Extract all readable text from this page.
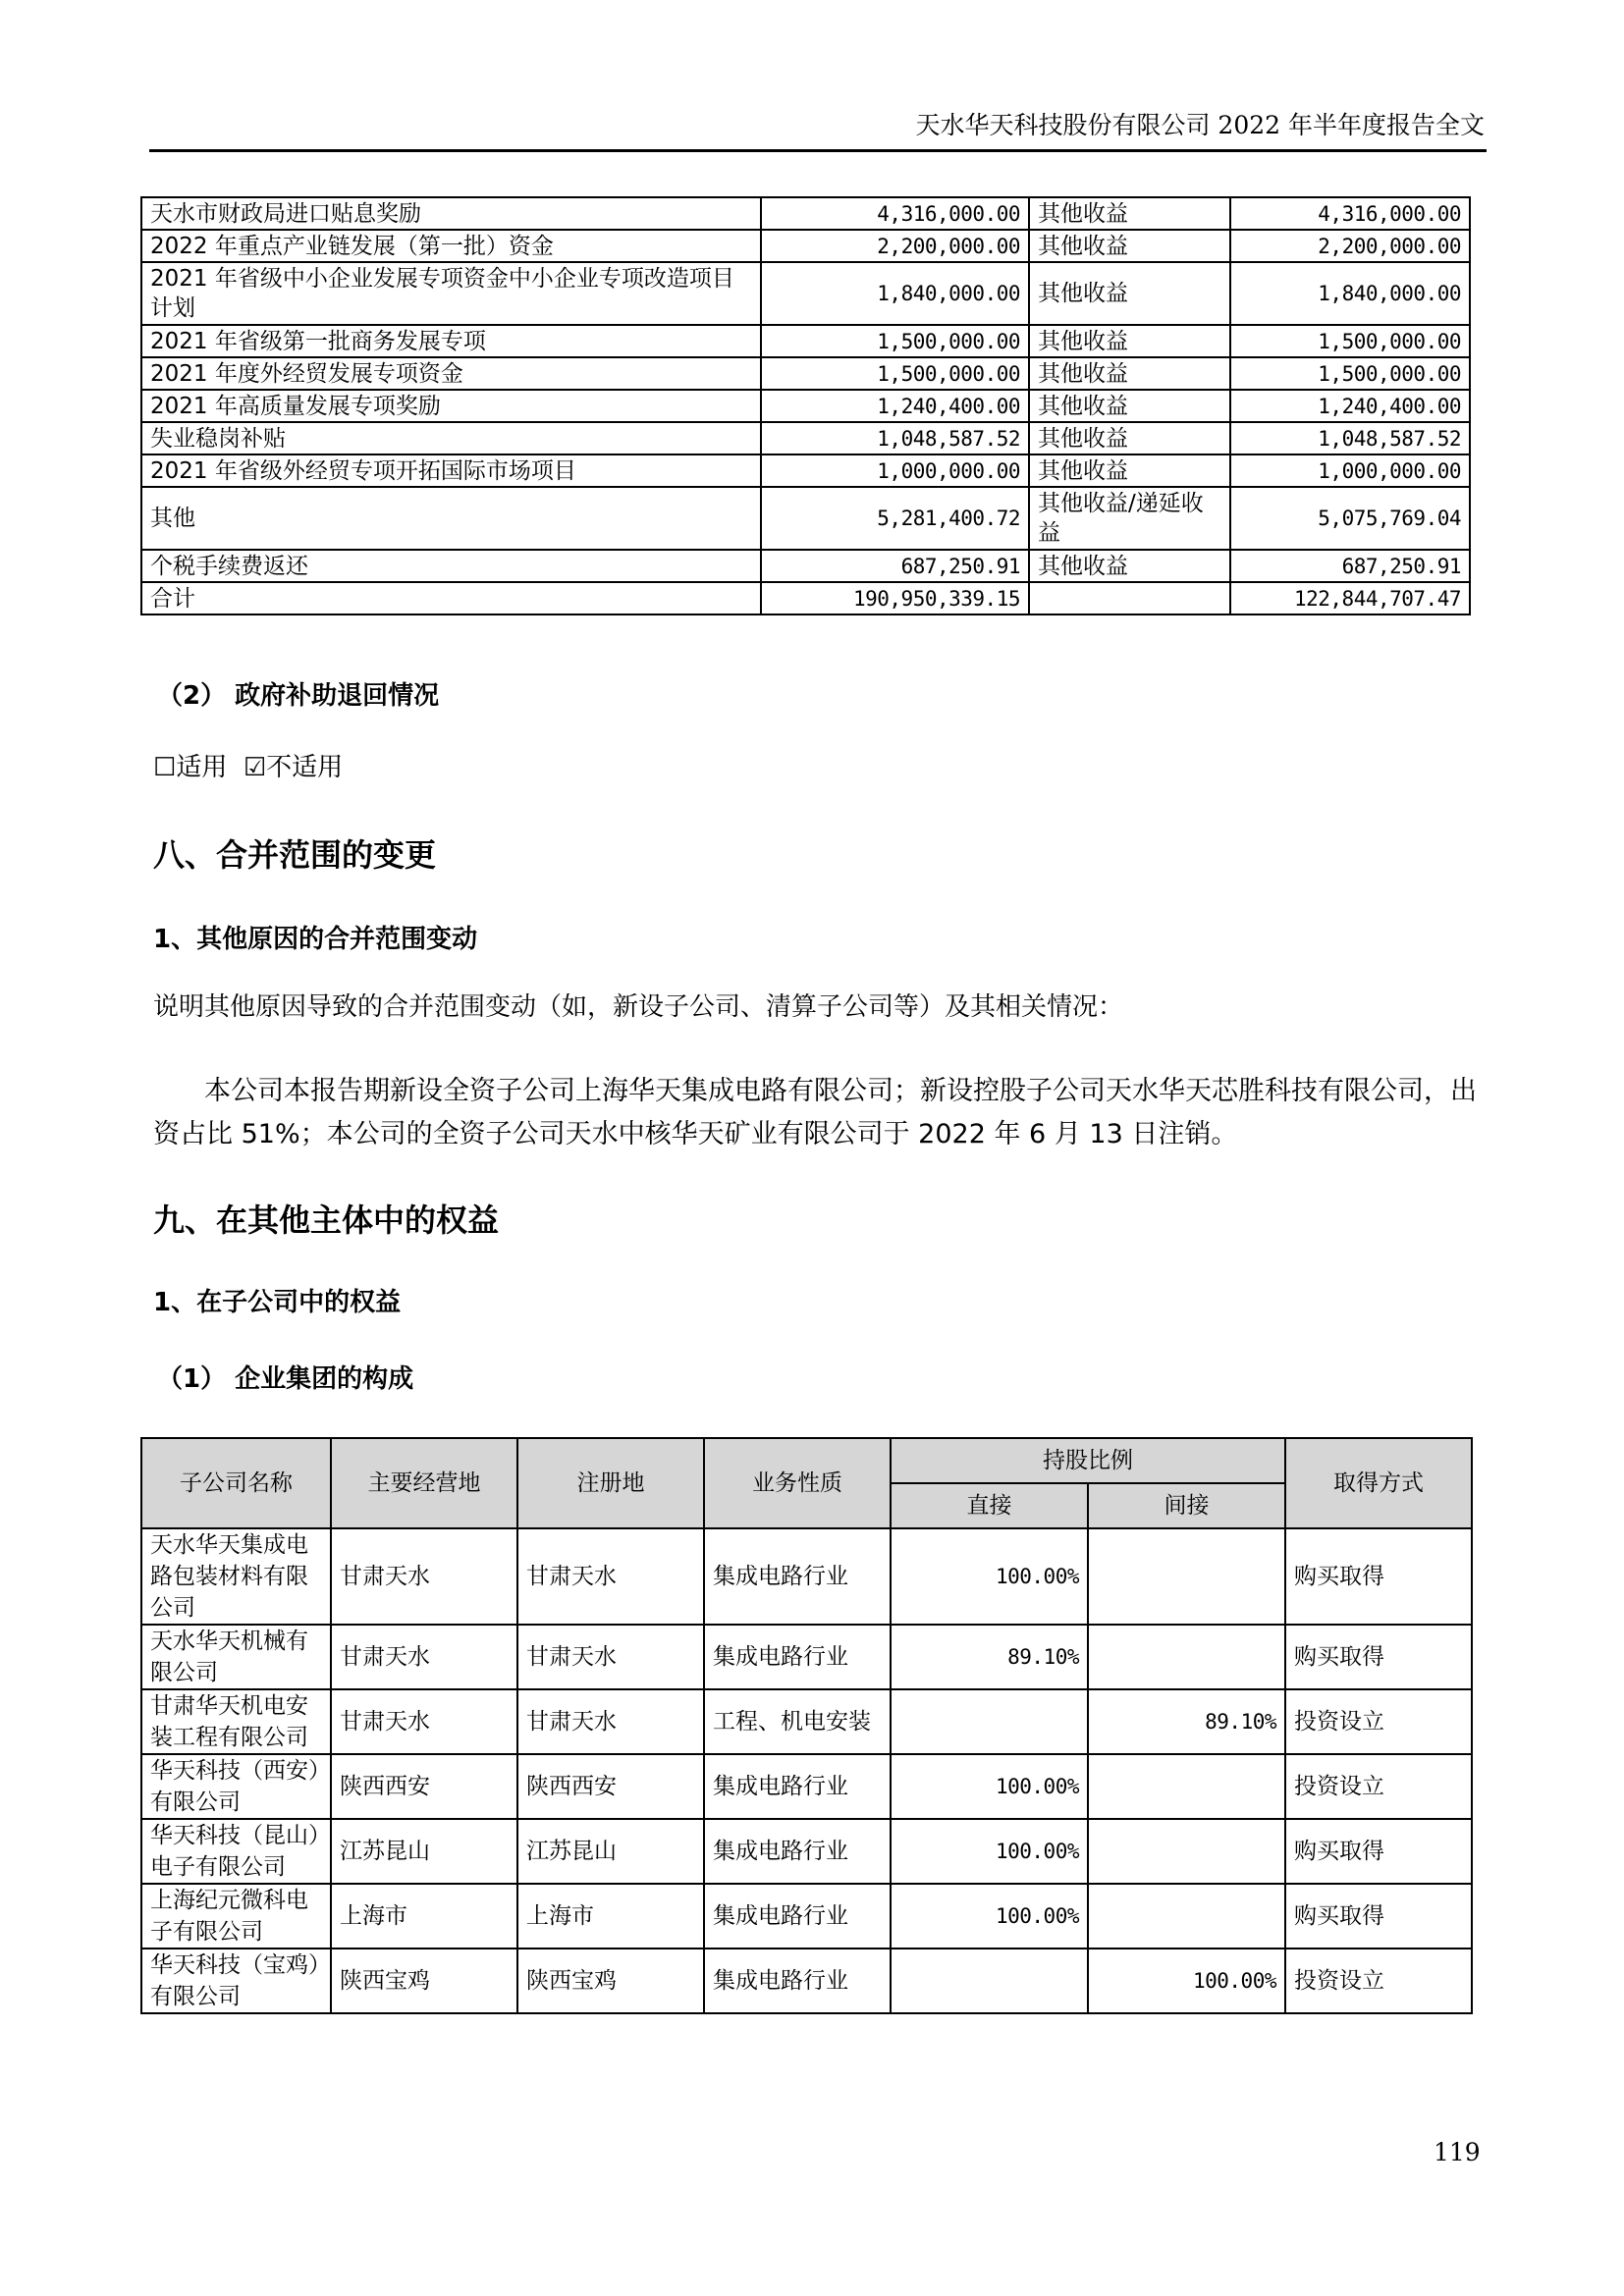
天水华天科技股份有限公司 2022 年半年度报告全文
天水市财政局进口贴息奖励	4,316,000.00	其他收益	4,316,000.00
2022 年重点产业链发展（第一批）资金	2,200,000.00	其他收益	2,200,000.00
2021 年省级中小企业发展专项资金中小企业专项改造项目计划	1,840,000.00	其他收益	1,840,000.00
2021 年省级第一批商务发展专项	1,500,000.00	其他收益	1,500,000.00
2021 年度外经贸发展专项资金	1,500,000.00	其他收益	1,500,000.00
2021 年高质量发展专项奖励	1,240,400.00	其他收益	1,240,400.00
失业稳岗补贴	1,048,587.52	其他收益	1,048,587.52
2021 年省级外经贸专项开拓国际市场项目	1,000,000.00	其他收益	1,000,000.00
其他	5,281,400.72	其他收益/递延收益	5,075,769.04
个税手续费返还	687,250.91	其他收益	687,250.91
合计	190,950,339.15		122,844,707.47
（2） 政府补助退回情况
☐适用 ☑不适用
八、合并范围的变更
1、其他原因的合并范围变动
说明其他原因导致的合并范围变动（如，新设子公司、清算子公司等）及其相关情况：
本公司本报告期新设全资子公司上海华天集成电路有限公司；新设控股子公司天水华天芯胜科技有限公司，出资占比 51%；本公司的全资子公司天水中核华天矿业有限公司于 2022 年 6 月 13 日注销。
九、在其他主体中的权益
1、在子公司中的权益
（1） 企业集团的构成
子公司名称	主要经营地	注册地	业务性质	持股比例		取得方式
				直接	间接	
天水华天集成电路包装材料有限公司	甘肃天水	甘肃天水	集成电路行业	100.00%		购买取得
天水华天机械有限公司	甘肃天水	甘肃天水	集成电路行业	89.10%		购买取得
甘肃华天机电安装工程有限公司	甘肃天水	甘肃天水	工程、机电安装		89.10%	投资设立
华天科技（西安）有限公司	陕西西安	陕西西安	集成电路行业	100.00%		投资设立
华天科技（昆山）电子有限公司	江苏昆山	江苏昆山	集成电路行业	100.00%		购买取得
上海纪元微科电子有限公司	上海市	上海市	集成电路行业	100.00%		购买取得
华天科技（宝鸡）有限公司	陕西宝鸡	陕西宝鸡	集成电路行业		100.00%	投资设立
119
